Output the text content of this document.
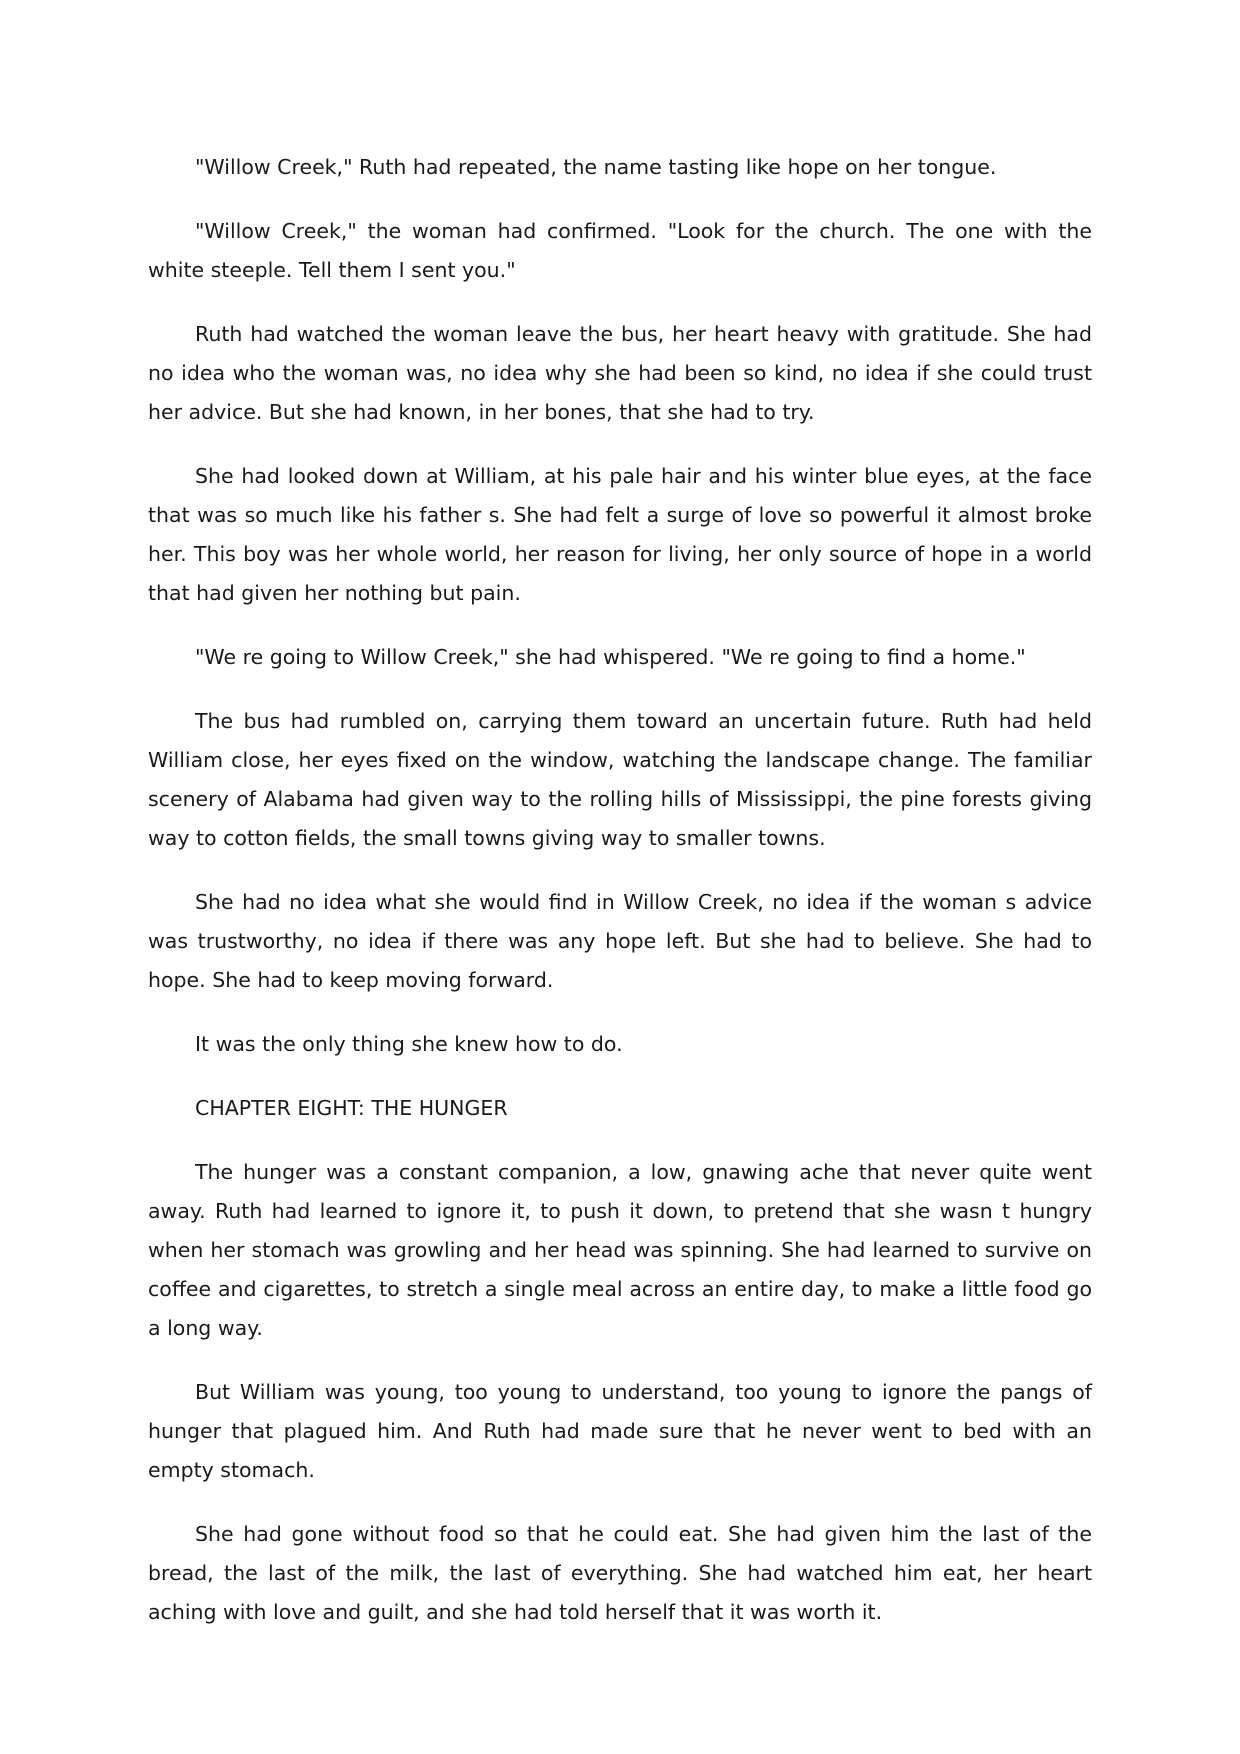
"Willow Creek," Ruth had repeated, the name tasting like hope on her tongue.

"Willow Creek," the woman had confirmed. "Look for the church. The one with the white steeple. Tell them I sent you."

Ruth had watched the woman leave the bus, her heart heavy with gratitude. She had no idea who the woman was, no idea why she had been so kind, no idea if she could trust her advice. But she had known, in her bones, that she had to try.

She had looked down at William, at his pale hair and his winter blue eyes, at the face that was so much like his father s. She had felt a surge of love so powerful it almost broke her. This boy was her whole world, her reason for living, her only source of hope in a world that had given her nothing but pain.

"We re going to Willow Creek," she had whispered. "We re going to find a home."

The bus had rumbled on, carrying them toward an uncertain future. Ruth had held William close, her eyes fixed on the window, watching the landscape change. The familiar scenery of Alabama had given way to the rolling hills of Mississippi, the pine forests giving way to cotton fields, the small towns giving way to smaller towns.

She had no idea what she would find in Willow Creek, no idea if the woman s advice was trustworthy, no idea if there was any hope left. But she had to believe. She had to hope. She had to keep moving forward.

It was the only thing she knew how to do.

CHAPTER EIGHT: THE HUNGER

The hunger was a constant companion, a low, gnawing ache that never quite went away. Ruth had learned to ignore it, to push it down, to pretend that she wasn t hungry when her stomach was growling and her head was spinning. She had learned to survive on coffee and cigarettes, to stretch a single meal across an entire day, to make a little food go a long way.

But William was young, too young to understand, too young to ignore the pangs of hunger that plagued him. And Ruth had made sure that he never went to bed with an empty stomach.

She had gone without food so that he could eat. She had given him the last of the bread, the last of the milk, the last of everything. She had watched him eat, her heart aching with love and guilt, and she had told herself that it was worth it.
